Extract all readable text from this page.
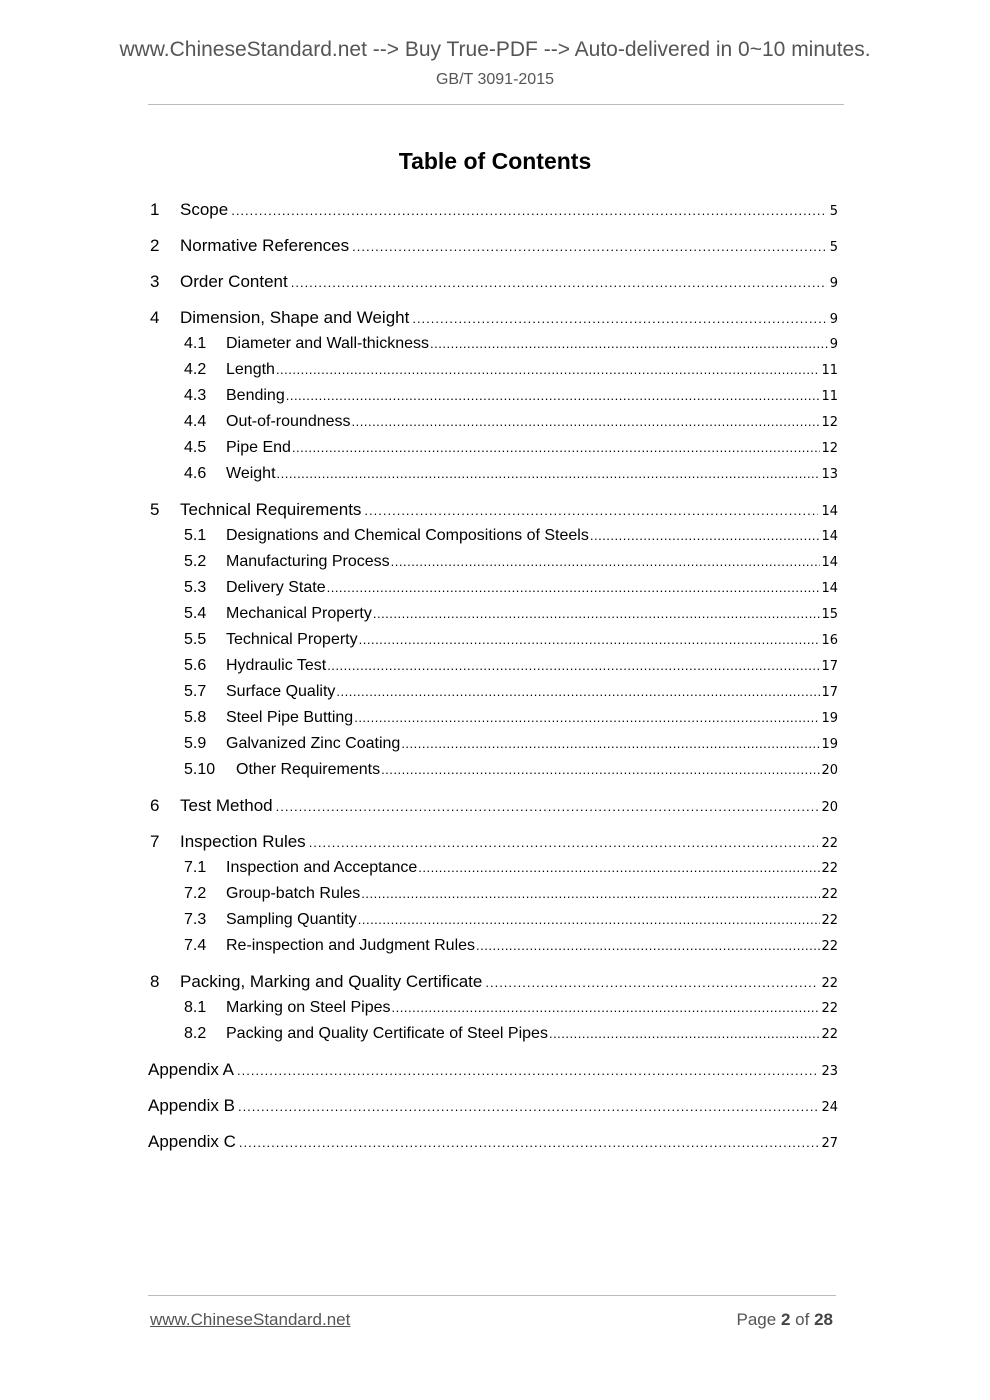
www.ChineseStandard.net --> Buy True-PDF --> Auto-delivered in 0~10 minutes.
GB/T 3091-2015
Table of Contents
1	Scope .....	5
2	Normative References .....	5
3	Order Content .....	9
4	Dimension, Shape and Weight .....	9
4.1	Diameter and Wall-thickness .....	9
4.2	Length .....	11
4.3	Bending .....	11
4.4	Out-of-roundness .....	12
4.5	Pipe End .....	12
4.6	Weight .....	13
5	Technical Requirements .....	14
5.1	Designations and Chemical Compositions of Steels .....	14
5.2	Manufacturing Process .....	14
5.3	Delivery State .....	14
5.4	Mechanical Property .....	15
5.5	Technical Property .....	16
5.6	Hydraulic Test .....	17
5.7	Surface Quality .....	17
5.8	Steel Pipe Butting .....	19
5.9	Galvanized Zinc Coating .....	19
5.10	Other Requirements .....	20
6	Test Method .....	20
7	Inspection Rules .....	22
7.1	Inspection and Acceptance .....	22
7.2	Group-batch Rules .....	22
7.3	Sampling Quantity .....	22
7.4	Re-inspection and Judgment Rules .....	22
8	Packing, Marking and Quality Certificate .....	22
8.1	Marking on Steel Pipes .....	22
8.2	Packing and Quality Certificate of Steel Pipes .....	22
Appendix A .....	23
Appendix B .....	24
Appendix C .....	27
www.ChineseStandard.net	Page 2 of 28
